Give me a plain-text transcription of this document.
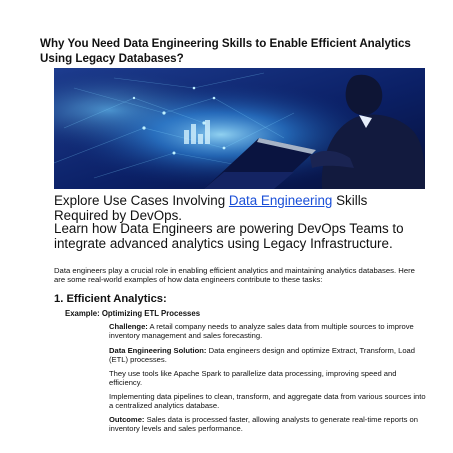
Why You Need Data Engineering Skills to Enable Efficient Analytics Using Legacy Databases?
Explore Use Cases Involving Data Engineering Skills Required by DevOps.
Learn how Data Engineers are powering DevOps Teams to integrate advanced analytics using Legacy Infrastructure.

Data engineers play a crucial role in enabling efficient analytics and maintaining analytics databases. Here are some real-world examples of how data engineers contribute to these tasks:

1. Efficient Analytics:

Example: Optimizing ETL Processes

Challenge: A retail company needs to analyze sales data from multiple sources to improve inventory management and sales forecasting.

Data Engineering Solution: Data engineers design and optimize Extract, Transform, Load (ETL) processes.

They use tools like Apache Spark to parallelize data processing, improving speed and efficiency.

Implementing data pipelines to clean, transform, and aggregate data from various sources into a centralized analytics database.

Outcome: Sales data is processed faster, allowing analysts to generate real-time reports on inventory levels and sales performance.
